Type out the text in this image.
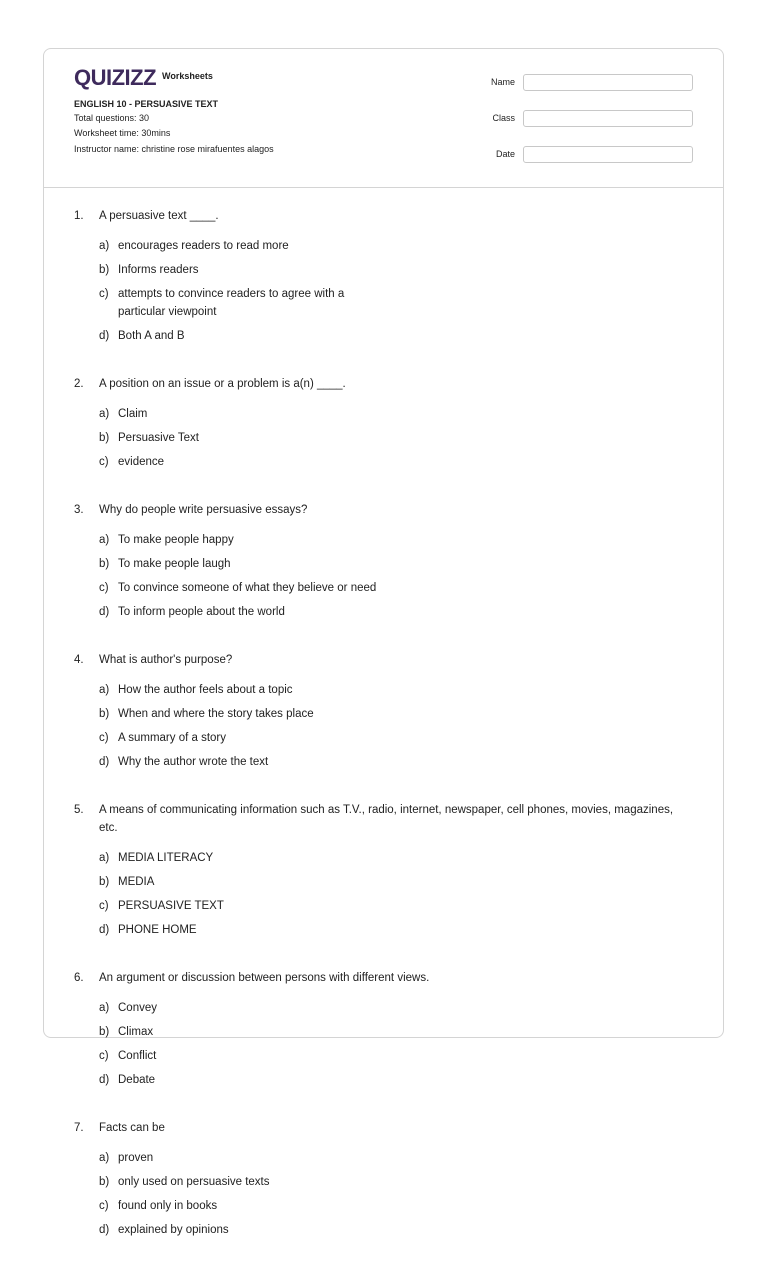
QUIZIZZ Worksheets
ENGLISH 10 - PERSUASIVE TEXT
Total questions: 30
Worksheet time: 30mins
Instructor name: christine rose mirafuentes alagos
Name
Class
Date
1.	A persuasive text ____.
a) encourages readers to read more
b) Informs readers
c) attempts to convince readers to agree with a particular viewpoint
d) Both A and B
2.	A position on an issue or a problem is a(n) ____.
a) Claim
b) Persuasive Text
c) evidence
3.	Why do people write persuasive essays?
a) To make people happy
b) To make people laugh
c) To convince someone of what they believe or need
d) To inform people about the world
4.	What is author's purpose?
a) How the author feels about a topic
b) When and where the story takes place
c) A summary of a story
d) Why the author wrote the text
5.	A means of communicating information such as T.V., radio, internet, newspaper, cell phones, movies, magazines, etc.
a) MEDIA LITERACY
b) MEDIA
c) PERSUASIVE TEXT
d) PHONE HOME
6.	An argument or discussion between persons with different views.
a) Convey
b) Climax
c) Conflict
d) Debate
7.	Facts can be
a) proven
b) only used on persuasive texts
c) found only in books
d) explained by opinions
